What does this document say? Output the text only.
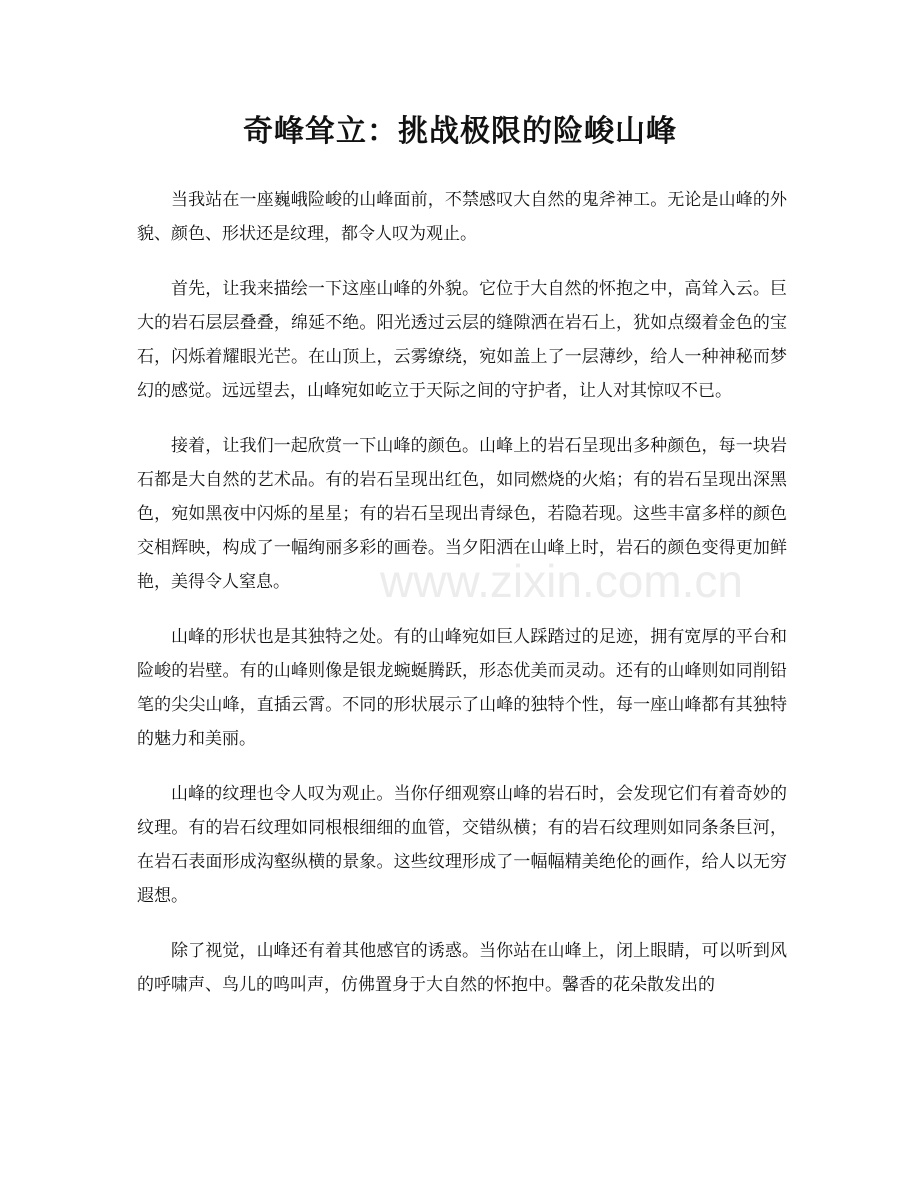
奇峰耸立：挑战极限的险峻山峰

当我站在一座巍峨险峻的山峰面前，不禁感叹大自然的鬼斧神工。无论是山峰的外貌、颜色、形状还是纹理，都令人叹为观止。

首先，让我来描绘一下这座山峰的外貌。它位于大自然的怀抱之中，高耸入云。巨大的岩石层层叠叠，绵延不绝。阳光透过云层的缝隙洒在岩石上，犹如点缀着金色的宝石，闪烁着耀眼光芒。在山顶上，云雾缭绕，宛如盖上了一层薄纱，给人一种神秘而梦幻的感觉。远远望去，山峰宛如屹立于天际之间的守护者，让人对其惊叹不已。

接着，让我们一起欣赏一下山峰的颜色。山峰上的岩石呈现出多种颜色，每一块岩石都是大自然的艺术品。有的岩石呈现出红色，如同燃烧的火焰；有的岩石呈现出深黑色，宛如黑夜中闪烁的星星；有的岩石呈现出青绿色，若隐若现。这些丰富多样的颜色交相辉映，构成了一幅绚丽多彩的画卷。当夕阳洒在山峰上时，岩石的颜色变得更加鲜艳，美得令人窒息。

山峰的形状也是其独特之处。有的山峰宛如巨人踩踏过的足迹，拥有宽厚的平台和险峻的岩壁。有的山峰则像是银龙蜿蜒腾跃，形态优美而灵动。还有的山峰则如同削铅笔的尖尖山峰，直插云霄。不同的形状展示了山峰的独特个性，每一座山峰都有其独特的魅力和美丽。

山峰的纹理也令人叹为观止。当你仔细观察山峰的岩石时，会发现它们有着奇妙的纹理。有的岩石纹理如同根根细细的血管，交错纵横；有的岩石纹理则如同条条巨河，在岩石表面形成沟壑纵横的景象。这些纹理形成了一幅幅精美绝伦的画作，给人以无穷遐想。

除了视觉，山峰还有着其他感官的诱惑。当你站在山峰上，闭上眼睛，可以听到风的呼啸声、鸟儿的鸣叫声，仿佛置身于大自然的怀抱中。馨香的花朵散发出的

www.zixin.com.cn
